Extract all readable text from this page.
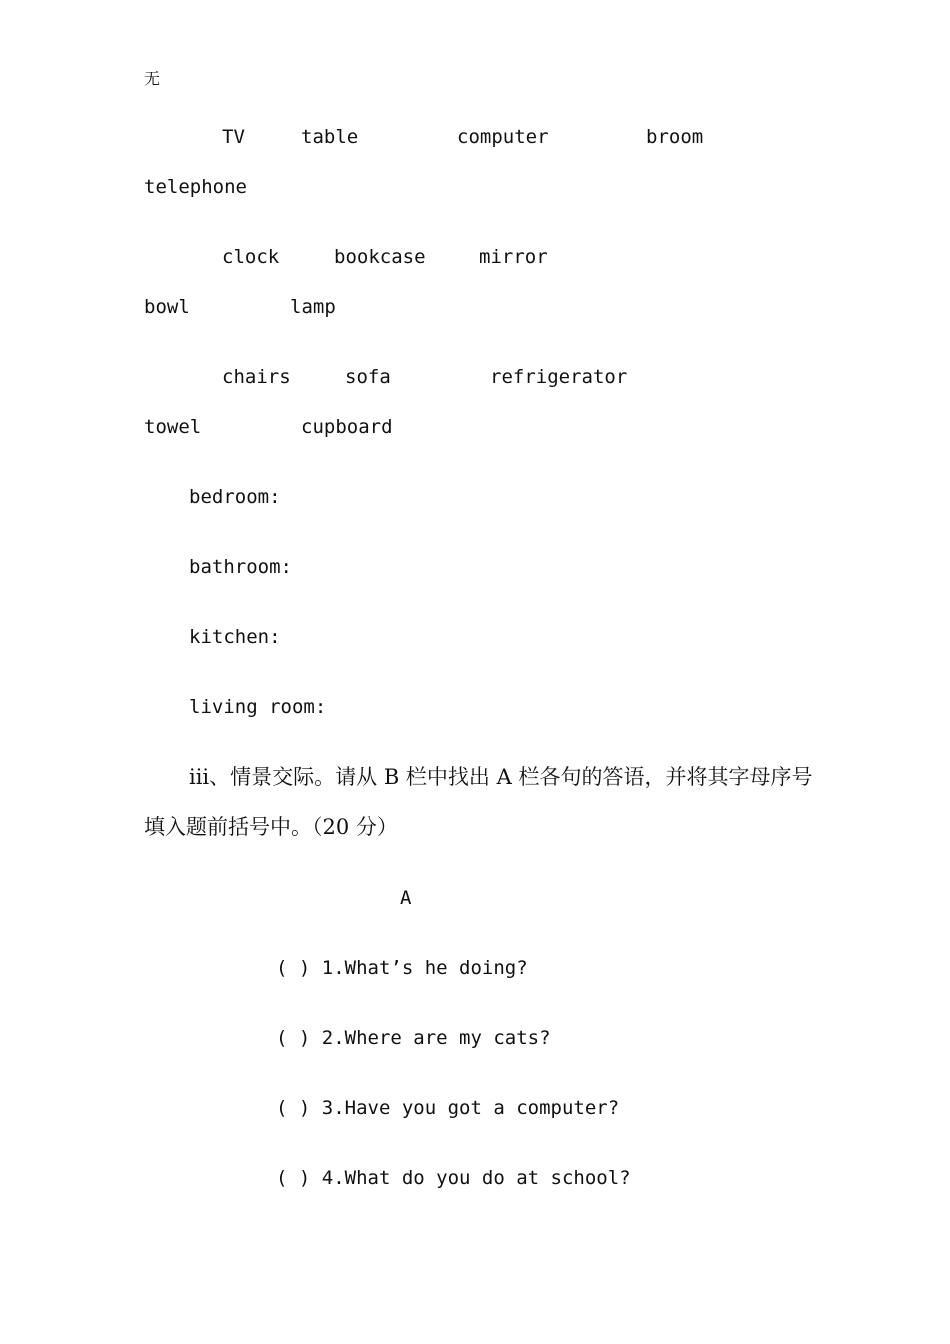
无
TV	table	computer	broom
telephone
clock	bookcase	mirror
bowl	lamp
chairs	sofa	refrigerator
towel	cupboard
bedroom:
bathroom:
kitchen:
living room:
ⅲ、情景交际。请从 B 栏中找出 A 栏各句的答语，并将其字母序号
填入题前括号中。（20 分）
A
( ) 1.What’s he doing?
( ) 2.Where are my cats?
( ) 3.Have you got a computer?
( ) 4.What do you do at school?
